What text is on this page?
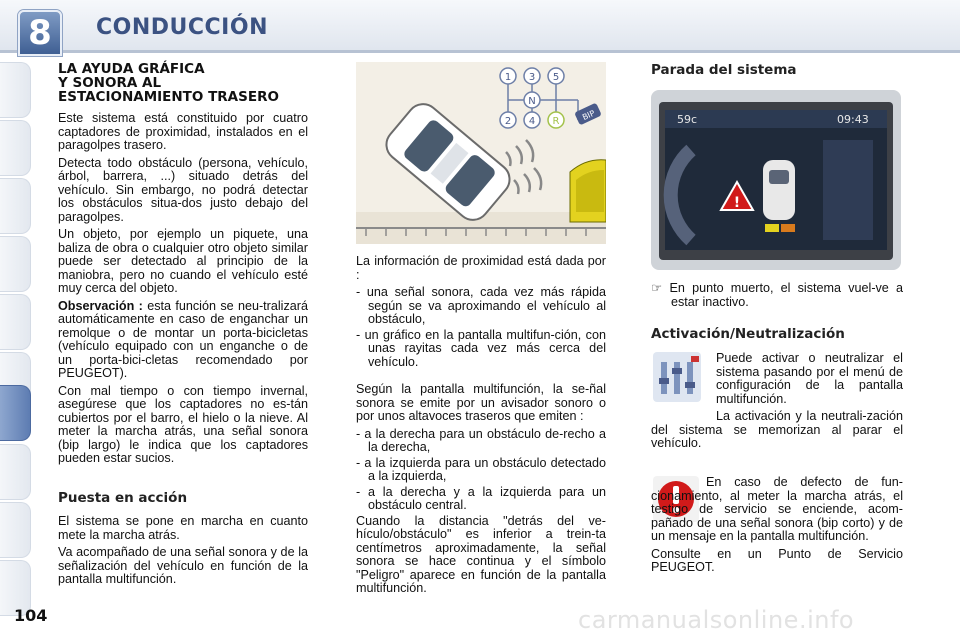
8	CONDUCCIÓN
LA AYUDA GRÁFICA
Y SONORA AL
ESTACIONAMIENTO TRASERO

Este sistema está constituido por cuatro captadores de proximidad, instalados en el paragolpes trasero.

Detecta todo obstáculo (persona, vehículo, árbol, barrera, ...) situado detrás del vehículo. Sin embargo, no podrá detectar los obstáculos situa-dos justo debajo del paragolpes.

Un objeto, por ejemplo un piquete, una baliza de obra o cualquier otro objeto similar puede ser detectado al principio de la maniobra, pero no cuando el vehículo esté muy cerca del objeto.

Observación : esta función se neu-tralizará automáticamente en caso de enganchar un remolque o de montar un porta-bicicletas (vehículo equipado con un enganche o de un porta-bici-cletas recomendado por PEUGEOT).

Con mal tiempo o con tiempo invernal, asegúrese que los captadores no es-tán cubiertos por el barro, el hielo o la nieve. Al meter la marcha atrás, una señal sonora (bip largo) le indica que los captadores pueden estar sucios.

Puesta en acción

El sistema se pone en marcha en cuanto mete la marcha atrás.

Va acompañado de una señal sonora y de la señalización del vehículo en función de la pantalla multifunción.

1 3 5
N
2 4 R	BIP

La información de proximidad está dada por :

- una señal sonora, cada vez más rápida según se va aproximando el vehículo al obstáculo,
- un gráfico en la pantalla multifun-ción, con unas rayitas cada vez más cerca del vehículo.

Según la pantalla multifunción, la se-ñal sonora se emite por un avisador sonoro o por unos altavoces traseros que emiten :

- a la derecha para un obstáculo de-recho a la derecha,
- a la izquierda para un obstáculo detectado a la izquierda,
- a la derecha y a la izquierda para un obstáculo central.

Cuando la distancia "detrás del ve-hículo/obstáculo" es inferior a trein-ta centímetros aproximadamente, la señal sonora se hace continua y el símbolo "Peligro" aparece en función de la pantalla multifunción.

Parada del sistema
59c	09:43
!
☞ En punto muerto, el sistema vuel-ve a estar inactivo.
Activación/Neutralización

Puede activar o neutralizar el sistema pasando por el menú de configuración de la pantalla multifunción.

La activación y la neutrali-zación del sistema se memorizan al parar el vehículo.

En caso de defecto de fun-cionamiento, al meter la marcha atrás, el testigo de servicio se enciende, acom-pañado de una señal sonora (bip corto) y de un mensaje en la pantalla multifunción.

Consulte en un Punto de Servicio PEUGEOT.

104	carmanualsonline.info
